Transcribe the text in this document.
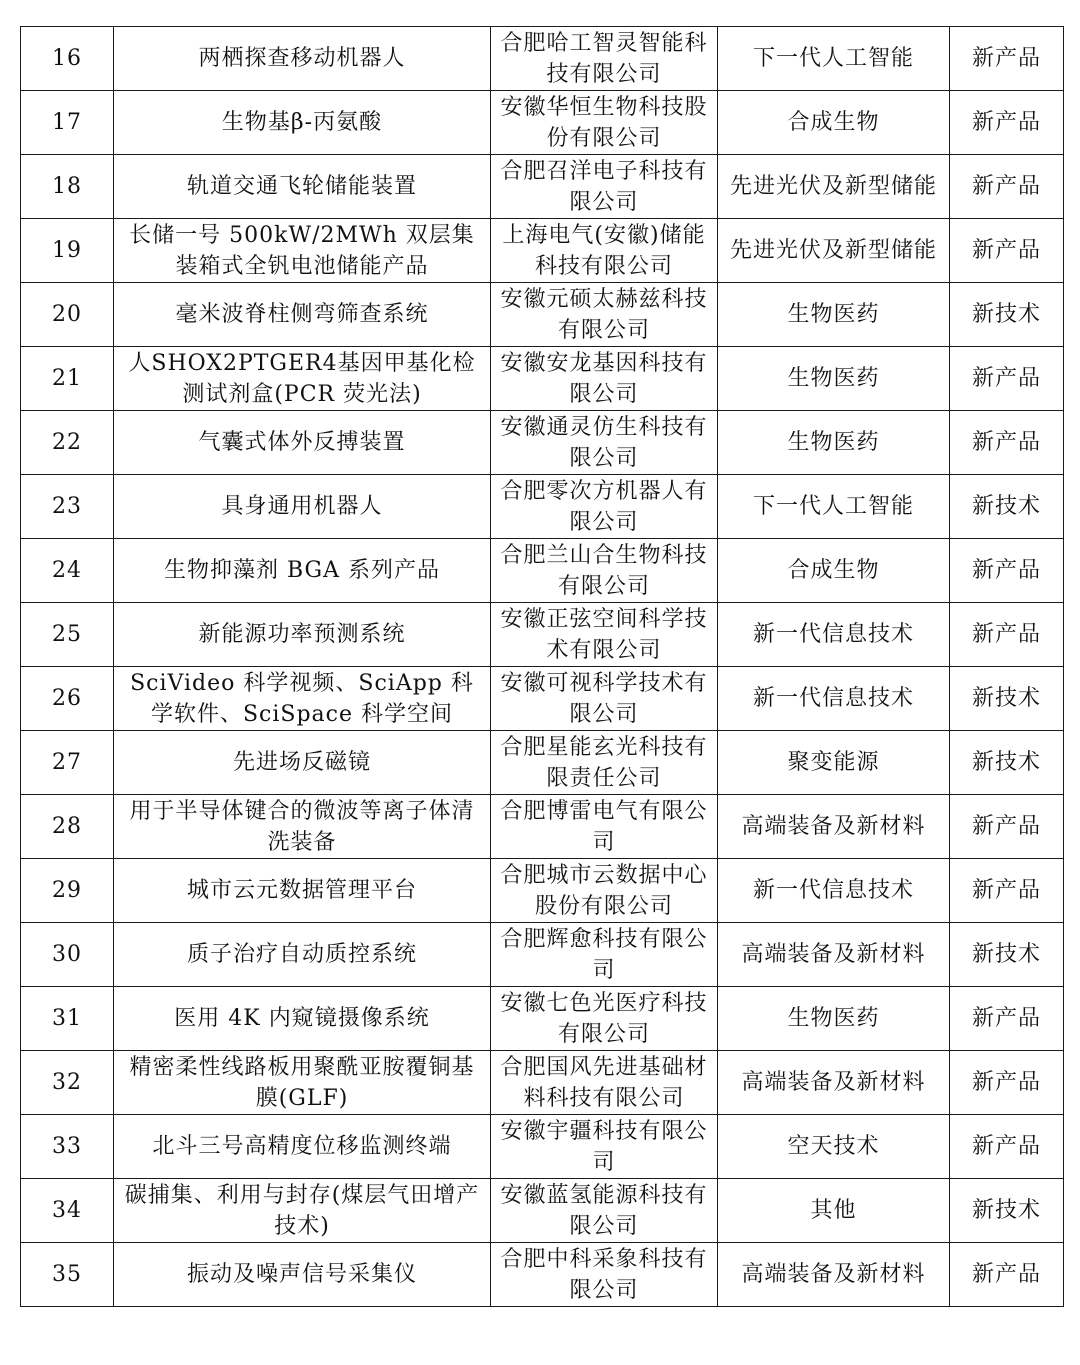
16	两栖探查移动机器人	合肥哈工智灵智能科技有限公司	下一代人工智能	新产品
17	生物基β-丙氨酸	安徽华恒生物科技股份有限公司	合成生物	新产品
18	轨道交通飞轮储能装置	合肥召洋电子科技有限公司	先进光伏及新型储能	新产品
19	长储一号 500kW/2MWh 双层集装箱式全钒电池储能产品	上海电气(安徽)储能科技有限公司	先进光伏及新型储能	新产品
20	毫米波脊柱侧弯筛查系统	安徽元硕太赫兹科技有限公司	生物医药	新技术
21	人SHOX2PTGER4基因甲基化检测试剂盒(PCR 荧光法)	安徽安龙基因科技有限公司	生物医药	新产品
22	气囊式体外反搏装置	安徽通灵仿生科技有限公司	生物医药	新产品
23	具身通用机器人	合肥零次方机器人有限公司	下一代人工智能	新技术
24	生物抑藻剂 BGA 系列产品	合肥兰山合生物科技有限公司	合成生物	新产品
25	新能源功率预测系统	安徽正弦空间科学技术有限公司	新一代信息技术	新产品
26	SciVideo 科学视频、SciApp 科学软件、SciSpace 科学空间	安徽可视科学技术有限公司	新一代信息技术	新技术
27	先进场反磁镜	合肥星能玄光科技有限责任公司	聚变能源	新技术
28	用于半导体键合的微波等离子体清洗装备	合肥博雷电气有限公司	高端装备及新材料	新产品
29	城市云元数据管理平台	合肥城市云数据中心股份有限公司	新一代信息技术	新产品
30	质子治疗自动质控系统	合肥辉愈科技有限公司	高端装备及新材料	新技术
31	医用 4K 内窥镜摄像系统	安徽七色光医疗科技有限公司	生物医药	新产品
32	精密柔性线路板用聚酰亚胺覆铜基膜(GLF)	合肥国风先进基础材料科技有限公司	高端装备及新材料	新产品
33	北斗三号高精度位移监测终端	安徽宇疆科技有限公司	空天技术	新产品
34	碳捕集、利用与封存(煤层气田增产技术)	安徽蓝氢能源科技有限公司	其他	新技术
35	振动及噪声信号采集仪	合肥中科采象科技有限公司	高端装备及新材料	新产品
